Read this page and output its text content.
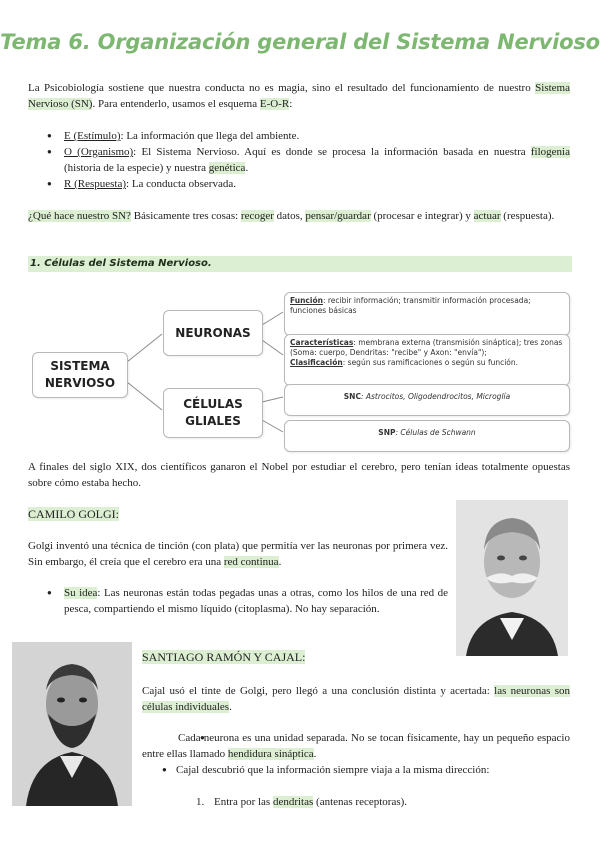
Tema 6. Organización general del Sistema Nervioso
La Psicobiología sostiene que nuestra conducta no es magia, sino el resultado del funcionamiento de nuestro Sistema Nervioso (SN). Para entenderlo, usamos el esquema E-O-R:
● E (Estímulo): La información que llega del ambiente.
● O (Organismo): El Sistema Nervioso. Aquí es donde se procesa la información basada en nuestra filogenia (historia de la especie) y nuestra genética.
● R (Respuesta): La conducta observada.
¿Qué hace nuestro SN? Básicamente tres cosas: recoger datos, pensar/guardar (procesar e integrar) y actuar (respuesta).
1. Células del Sistema Nervioso.
SISTEMA NERVIOSO
NEURONAS
CÉLULAS GLIALES
Función: recibir información; transmitir información procesada; funciones básicas
Características: membrana externa (transmisión sináptica); tres zonas (Soma: cuerpo, Dendritas: "recibe" y Axon: "envía");
Clasificación: según sus ramificaciones o según su función.
SNC: Astrocitos, Oligodendrocitos, Microglía
SNP: Células de Schwann
A finales del siglo XIX, dos científicos ganaron el Nobel por estudiar el cerebro, pero tenían ideas totalmente opuestas sobre cómo estaba hecho.
CAMILO GOLGI:
Golgi inventó una técnica de tinción (con plata) que permitía ver las neuronas por primera vez. Sin embargo, él creía que el cerebro era una red continua.
● Su idea: Las neuronas están todas pegadas unas a otras, como los hilos de una red de pesca, compartiendo el mismo líquido (citoplasma). No hay separación.
SANTIAGO RAMÓN Y CAJAL:
Cajal usó el tinte de Golgi, pero llegó a una conclusión distinta y acertada: las neuronas son células individuales.
● Cada neurona es una unidad separada. No se tocan físicamente, hay un pequeño espacio entre ellas llamado hendidura sináptica.
● Cajal descubrió que la información siempre viaja a la misma dirección:
1. Entra por las dendritas (antenas receptoras).
